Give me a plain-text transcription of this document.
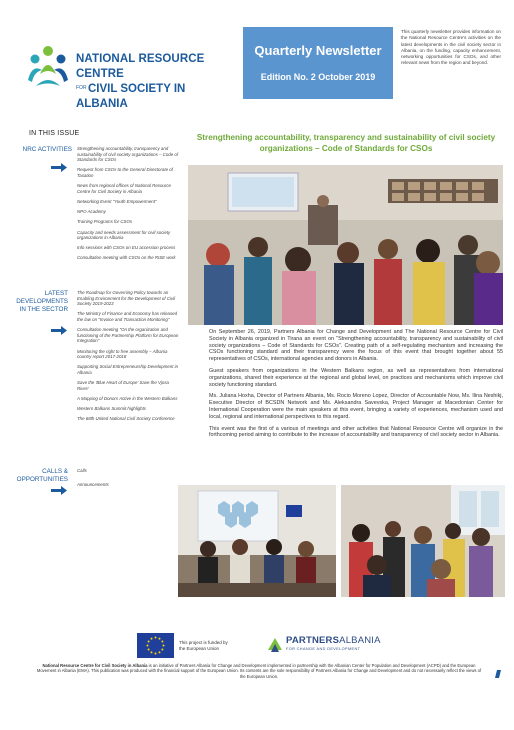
NATIONAL RESOURCE CENTRE
FORCIVIL SOCIETY IN ALBANIA
Quarterly Newsletter
Edition No. 2 October 2019
This quarterly newsletter provides information on the National Resource Centre's activities on the latest developments in the civil society sector in Albania, on the funding, capacity enhancement, networking opportunities for CSOs, and other relevant news from the region and beyond.
IN THIS ISSUE
NRC ACTIVITIES Strengthening accountability, transparency and sustainability of civil society organizations – Code of Standards for CSOs
Request from CSOs to the General Directorate of Taxation
News from regional offices of National Resource Centre for Civil Society in Albania
Networking Event "Youth Empowerment"
NPO Academy
Training Programs for CSOs
Capacity and needs assessment for civil society organizations in Albania
Info sessions with CSOs on EU accession process
Consultation meeting with CSOs on the RISE work
LATEST DEVELOPMENTS IN THE SECTOR
The Roadmap for Governing Policy towards an Enabling Environment for the Development of Civil Society 2019-2023
The Ministry of Finance and Economy has released the law on "Invoice and Transaction Monitoring"
Consultation meeting "On the organization and functioning of the Partnership Platform for European Integration"
Monitoring the right to free assembly – Albania country report 2017-2018
Supporting Social Entrepreneurship Development in Albania
Save the 'Blue Heart of Europe' Save the Vjosa River!
A Mapping of Donors Active in the Western Balkans
Western Balkans Summit highlights
The 68th United National Civil Society Conference
CALLS & OPPORTUNITIES
Calls
Announcements
Strengthening accountability, transparency and sustainability of civil society organizations – Code of Standards for CSOs

On September 26, 2019, Partners Albania for Change and Development and The National Resource Centre for Civil Society in Albania organized in Tirana an event on "Strengthening accountability, transparency and sustainability of civil society organizations – Code of Standards for CSOs". Creating path of a self-regulating mechanism and increasing the CSOs functioning standard and their transparency were the focus of this event that brought together about 55 representatives of CSOs, international agencies and donors in Albania.

Guest speakers from organizations in the Western Balkans region, as well as representatives from international organizations, shared their experience at the regional and global level, on practices and mechanisms which improve civil society functioning standard.

Ms. Juliana Hoxha, Director of Partners Albania, Ms. Rocio Moreno Lopez, Director of Accountable Now, Ms. Ilina Neshikj, Executive Director of BCSDN Network and Ms. Aleksandra Savevska, Project Manager at Macedonian Center for International Cooperation were the main speakers at this event, bringing a variety of experiences, mechanism used and local, regional and international perspectives to this regard.

This event was the first of a various of meetings and other activities that National Resource Centre will organize in the forthcoming period aiming to contribute to the increase of accountability and transparency of civil society sector in Albania.

This project is funded by
the European Union
PARTNERSALBANIA
FOR CHANGE AND DEVELOPMENT
National Resource Centre for Civil Society in Albania is an initiative of Partners Albania for Change and Development implemented in partnership with the Albanian Center for Population and Development (ACPD) and the European Movement in Albania (EMA). This publication was produced with the financial support of the European Union. Its contents are the sole responsibility of Partners Albania for Change and Development and do not necessarily reflect the views of the European Union.
